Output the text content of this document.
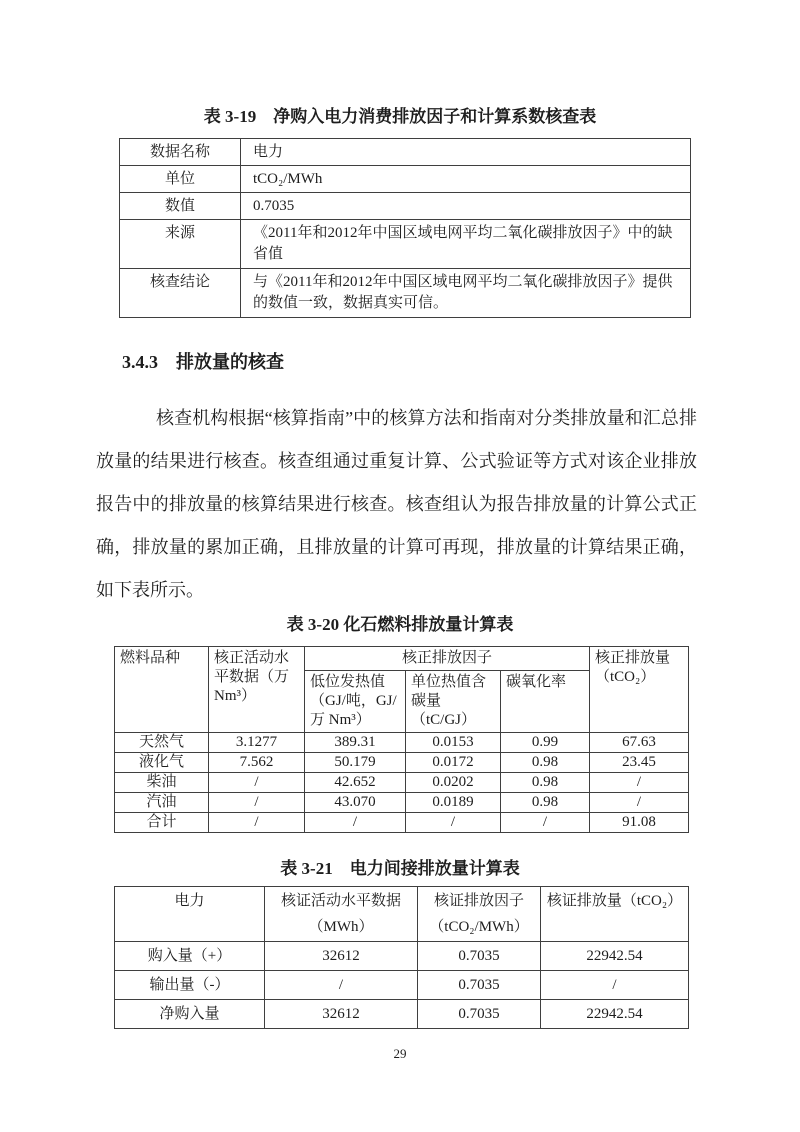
表 3-19　净购入电力消费排放因子和计算系数核查表
数据名称	电力
单位	tCO₂/MWh
数值	0.7035
来源	《2011年和2012年中国区域电网平均二氧化碳排放因子》中的缺省值
核查结论	与《2011年和2012年中国区域电网平均二氧化碳排放因子》提供的数值一致，数据真实可信。
3.4.3　排放量的核查

核查机构根据“核算指南”中的核算方法和指南对分类排放量和汇总排放量的结果进行核查。核查组通过重复计算、公式验证等方式对该企业排放报告中的排放量的核算结果进行核查。核查组认为报告排放量的计算公式正确，排放量的累加正确，且排放量的计算可再现，排放量的计算结果正确，如下表所示。

表 3-20 化石燃料排放量计算表
燃料品种	核正活动水平数据（万Nm³）	核正排放因子			核正排放量（tCO₂）
		低位发热值（GJ/吨，GJ/万 Nm³）	单位热值含碳量（tC/GJ）	碳氧化率	
天然气	3.1277	389.31	0.0153	0.99	67.63
液化气	7.562	50.179	0.0172	0.98	23.45
柴油	/	42.652	0.0202	0.98	/
汽油	/	43.070	0.0189	0.98	/
合计	/	/	/	/	91.08
表 3-21　电力间接排放量计算表
电力	核证活动水平数据（MWh）	核证排放因子（tCO₂/MWh）	核证排放量（tCO₂）
购入量（+）	32612	0.7035	22942.54
输出量（-）	/	0.7035	/
净购入量	32612	0.7035	22942.54
29
